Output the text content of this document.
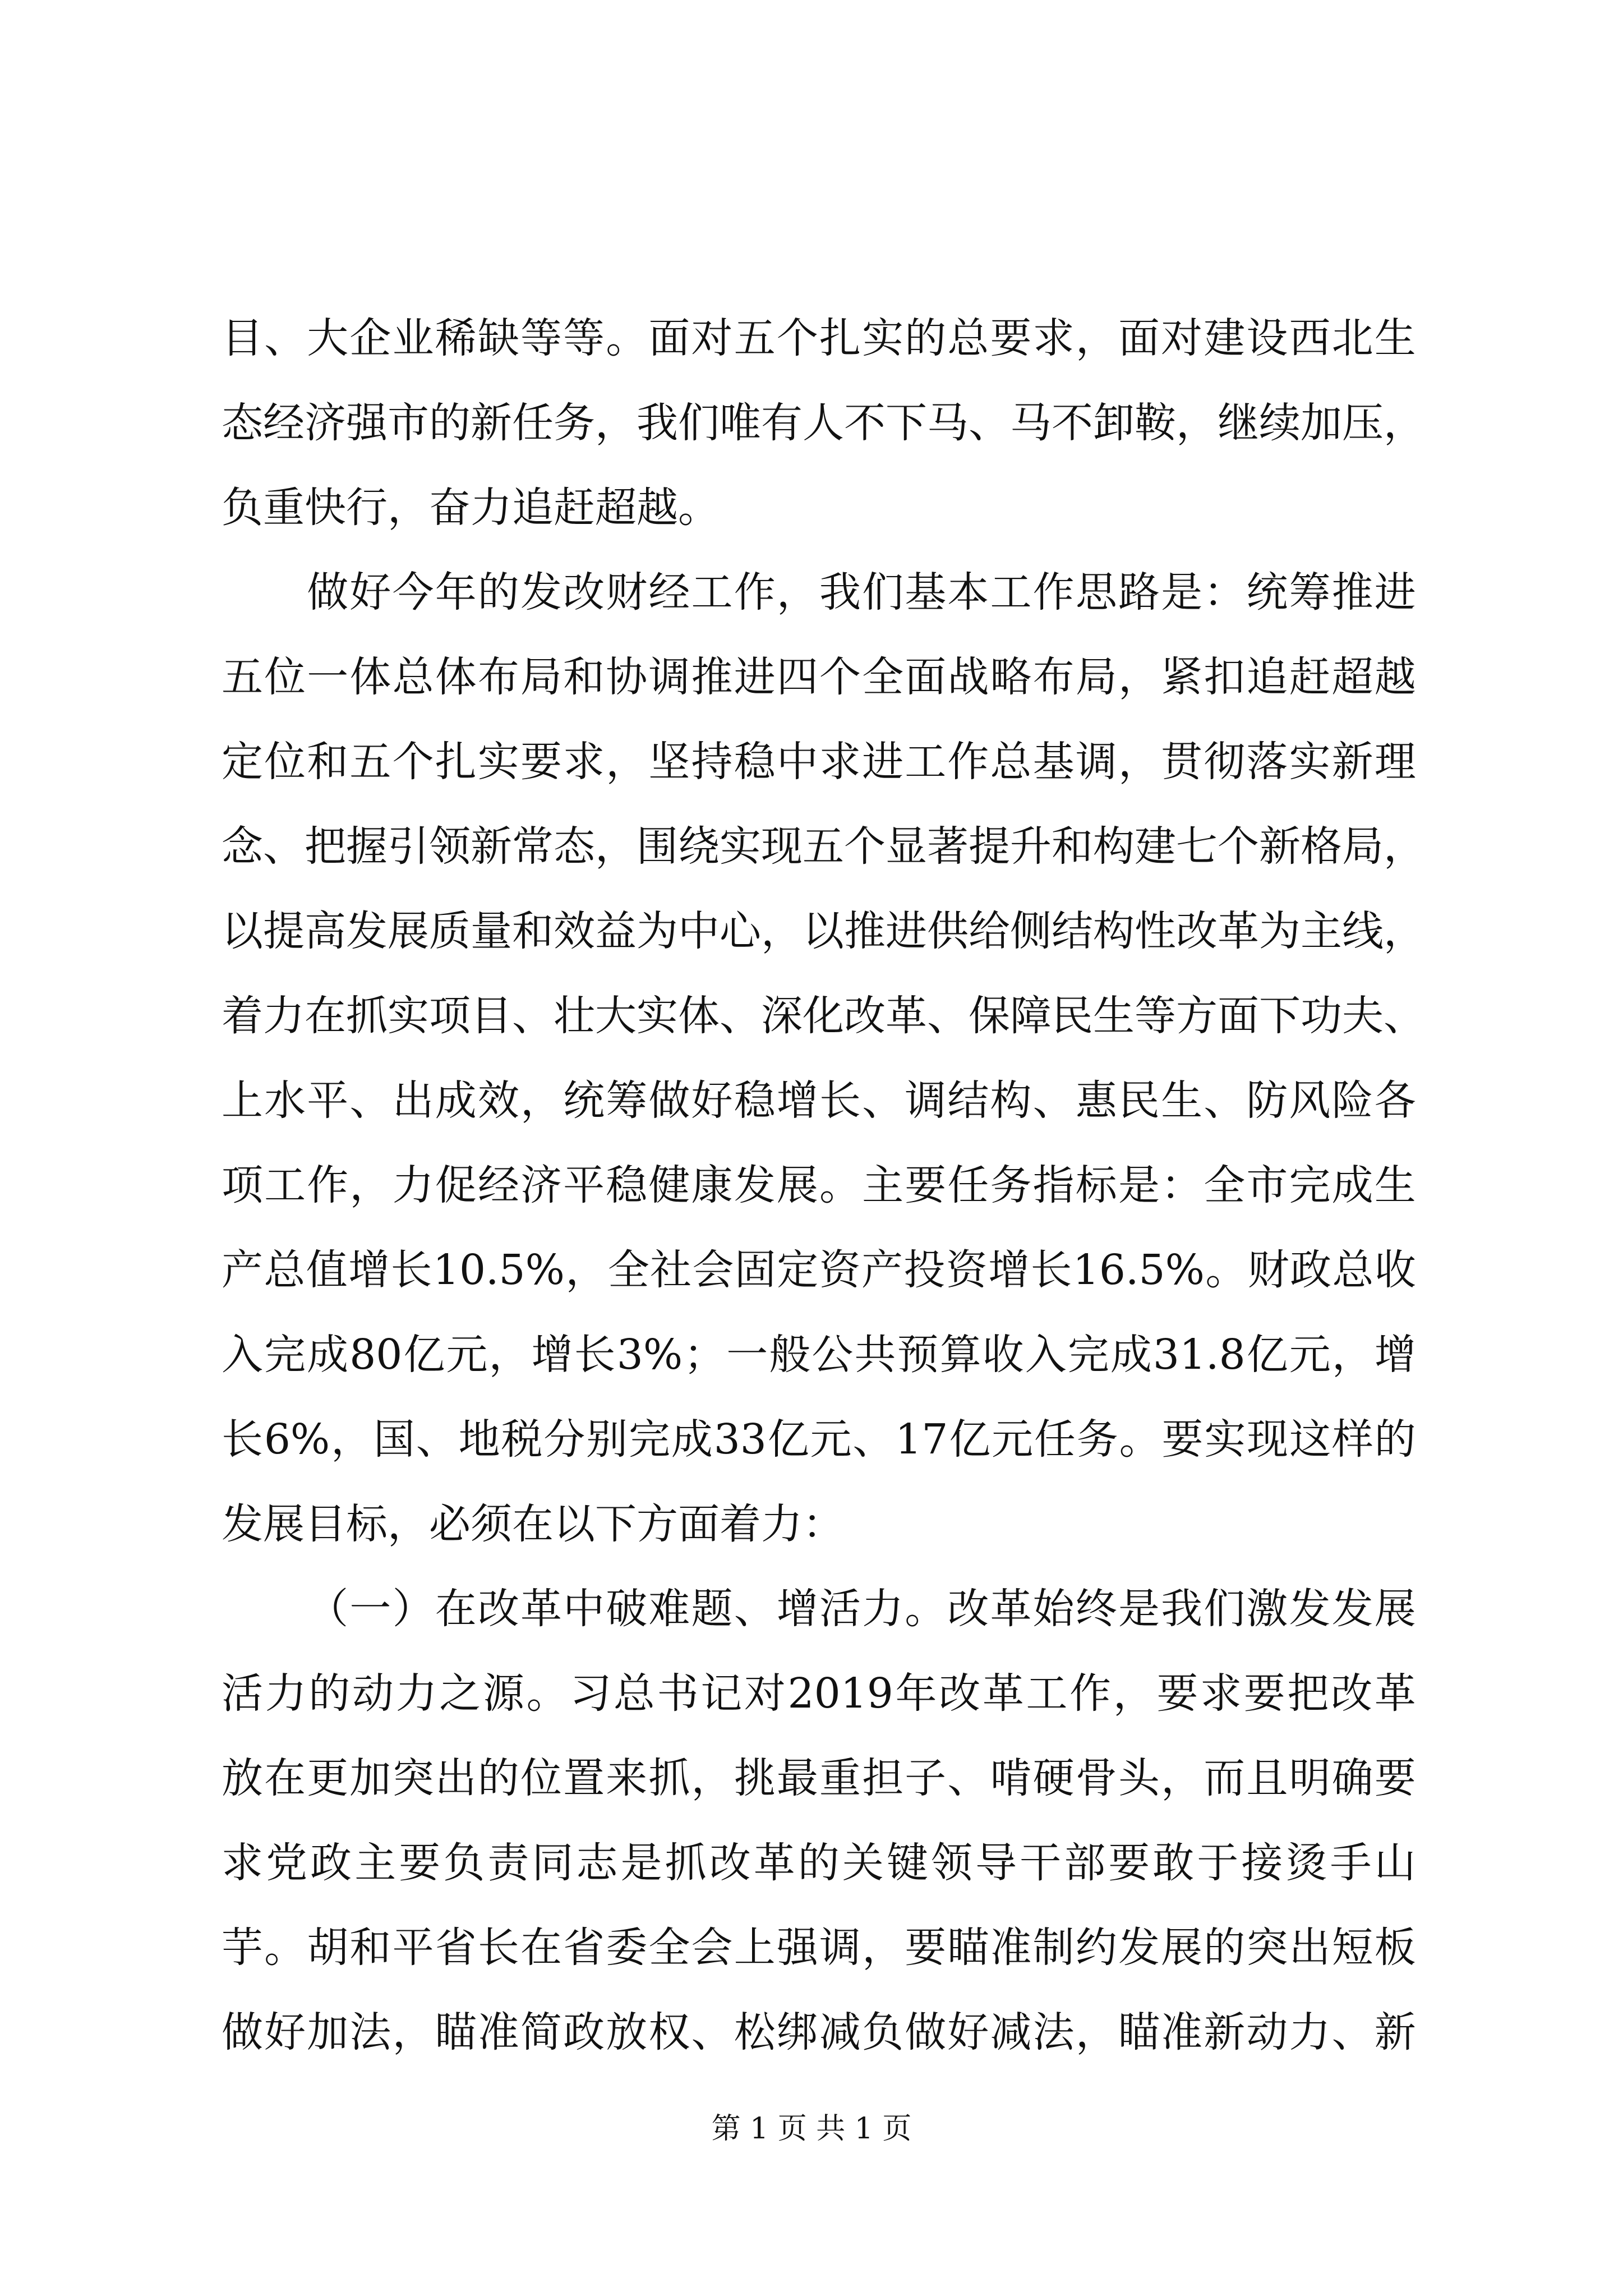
目 、 大 企 业 稀 缺 等 等 。 面 对 五 个 扎 实 的 总 要 求 ， 面 对 建 设 西 北 生
态 经 济 强 市 的 新 任 务 ， 我 们 唯 有 人 不 下 马 、 马 不 卸 鞍 ， 继 续 加 压 ，
负重快行，奋力追赶超越。

做 好 今 年 的 发 改 财 经 工 作 ， 我 们 基 本 工 作 思 路 是 ： 统 筹 推 进
五 位 一 体 总 体 布 局 和 协 调 推 进 四 个 全 面 战 略 布 局 ， 紧 扣 追 赶 超 越
定 位 和 五 个 扎 实 要 求 ， 坚 持 稳 中 求 进 工 作 总 基 调 ， 贯 彻 落 实 新 理
念 、 把 握 引 领 新 常 态 ， 围 绕 实 现 五 个 显 著 提 升 和 构 建 七 个 新 格 局 ，
以 提 高 发 展 质 量 和 效 益 为 中 心 ， 以 推 进 供 给 侧 结 构 性 改 革 为 主 线 ，
着 力 在 抓 实 项 目 、 壮 大 实 体 、 深 化 改 革 、 保 障 民 生 等 方 面 下 功 夫 、
上 水 平 、 出 成 效 ， 统 筹 做 好 稳 增 长 、 调 结 构 、 惠 民 生 、 防 风 险 各
项 工 作 ， 力 促 经 济 平 稳 健 康 发 展 。 主 要 任 务 指 标 是 ： 全 市 完 成 生
产 总 值 增 长 10.5% ， 全 社 会 固 定 资 产 投 资 增 长 16.5% 。 财 政 总 收
入 完 成 80 亿 元 ， 增 长 3% ； 一 般 公 共 预 算 收 入 完 成 31.8 亿 元 ， 增
长 6% ， 国 、 地 税 分 别 完 成 33 亿 元 、 17 亿 元 任 务 。 要 实 现 这 样 的
发展目标，必须在以下方面着力：

（ 一 ） 在 改 革 中 破 难 题 、 增 活 力 。 改 革 始 终 是 我 们 激 发 发 展
活 力 的 动 力 之 源 。 习 总 书 记 对 2019 年 改 革 工 作 ， 要 求 要 把 改 革
放 在 更 加 突 出 的 位 置 来 抓 ， 挑 最 重 担 子 、 啃 硬 骨 头 ， 而 且 明 确 要
求 党 政 主 要 负 责 同 志 是 抓 改 革 的 关 键 领 导 干 部 要 敢 于 接 烫 手 山
芋 。 胡 和 平 省 长 在 省 委 全 会 上 强 调 ， 要 瞄 准 制 约 发 展 的 突 出 短 板
做 好 加 法 ， 瞄 准 简 政 放 权 、 松 绑 减 负 做 好 减 法 ， 瞄 准 新 动 力 、 新
第 1 页 共 1 页
